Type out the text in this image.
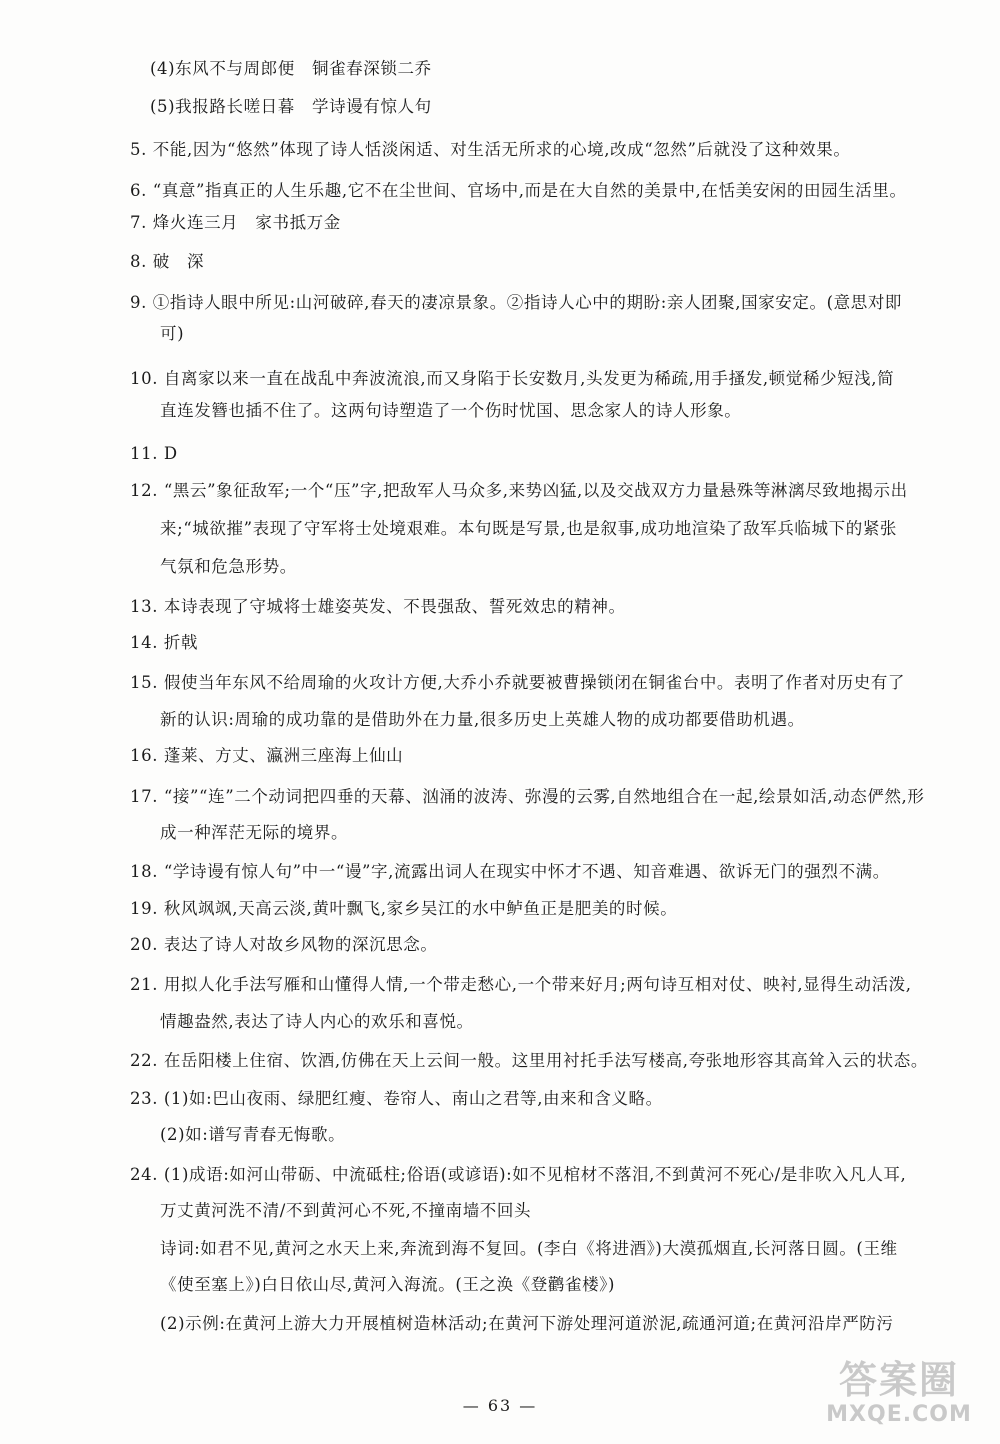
(4)东风不与周郎便　铜雀春深锁二乔
(5)我报路长嗟日暮　学诗谩有惊人句
5. 不能,因为“悠然”体现了诗人恬淡闲适、对生活无所求的心境,改成“忽然”后就没了这种效果。
6. “真意”指真正的人生乐趣,它不在尘世间、官场中,而是在大自然的美景中,在恬美安闲的田园生活里。
7. 烽火连三月　家书抵万金
8. 破　深
9. ①指诗人眼中所见:山河破碎,春天的凄凉景象。②指诗人心中的期盼:亲人团聚,国家安定。(意思对即
可)
10. 自离家以来一直在战乱中奔波流浪,而又身陷于长安数月,头发更为稀疏,用手搔发,顿觉稀少短浅,简
直连发簪也插不住了。这两句诗塑造了一个伤时忧国、思念家人的诗人形象。
11. D
12. “黑云”象征敌军;一个“压”字,把敌军人马众多,来势凶猛,以及交战双方力量悬殊等淋漓尽致地揭示出
来;“城欲摧”表现了守军将士处境艰难。本句既是写景,也是叙事,成功地渲染了敌军兵临城下的紧张
气氛和危急形势。
13. 本诗表现了守城将士雄姿英发、不畏强敌、誓死效忠的精神。
14. 折戟
15. 假使当年东风不给周瑜的火攻计方便,大乔小乔就要被曹操锁闭在铜雀台中。表明了作者对历史有了
新的认识:周瑜的成功靠的是借助外在力量,很多历史上英雄人物的成功都要借助机遇。
16. 蓬莱、方丈、瀛洲三座海上仙山
17. “接”“连”二个动词把四垂的天幕、汹涌的波涛、弥漫的云雾,自然地组合在一起,绘景如活,动态俨然,形
成一种浑茫无际的境界。
18. “学诗谩有惊人句”中一“谩”字,流露出词人在现实中怀才不遇、知音难遇、欲诉无门的强烈不满。
19. 秋风飒飒,天高云淡,黄叶飘飞,家乡吴江的水中鲈鱼正是肥美的时候。
20. 表达了诗人对故乡风物的深沉思念。
21. 用拟人化手法写雁和山懂得人情,一个带走愁心,一个带来好月;两句诗互相对仗、映衬,显得生动活泼,
情趣盎然,表达了诗人内心的欢乐和喜悦。
22. 在岳阳楼上住宿、饮酒,仿佛在天上云间一般。这里用衬托手法写楼高,夸张地形容其高耸入云的状态。
23. (1)如:巴山夜雨、绿肥红瘦、卷帘人、南山之君等,由来和含义略。
(2)如:谱写青春无悔歌。
24. (1)成语:如河山带砺、中流砥柱;俗语(或谚语):如不见棺材不落泪,不到黄河不死心/是非吹入凡人耳,
万丈黄河洗不清/不到黄河心不死,不撞南墙不回头
诗词:如君不见,黄河之水天上来,奔流到海不复回。(李白《将进酒》)大漠孤烟直,长河落日圆。(王维
《使至塞上》)白日依山尽,黄河入海流。(王之涣《登鹳雀楼》)
(2)示例:在黄河上游大力开展植树造林活动;在黄河下游处理河道淤泥,疏通河道;在黄河沿岸严防污
— 63 —
答案圈
MXQE.COM
